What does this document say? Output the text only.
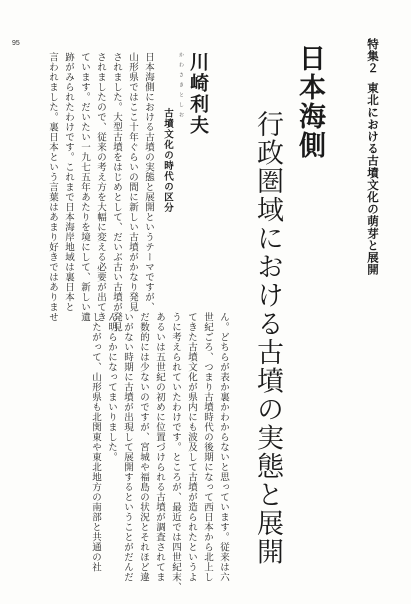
95	特集２
東北における古墳文化の萌芽と展開
日本海側
行政圏域における古墳の実態と展開
かわさきとしお 川崎利夫
古墳文化の時代の区分
日本海側における古墳の実態と展開というテーマですが、
山形県ではここ十年ぐらいの間に新しい古墳がかなり発見
されました。大型古墳をはじめとして、だいぶ古い古墳が発見
されましたので、従来の考え方を大幅に変える必要が出てき
ています。だいたい一九七五年あたりを境にして、新しい遺
跡がみられたわけです。これまで日本海岸地域は裏日本と
言われました。裏日本という言葉はあまり好きではありませ
ん。どちらが表か裏かわからないと思っています。従来は六
世紀ごろ、つまり古墳時代の後期になって西日本から北上し
てきた古墳文化が県内にも波及して古墳が造られたというよ
うに考えられていたわけです。ところが、最近では四世紀末、
あるいは五世紀の初めに位置づけられる古墳が調査されてま
だ数的には少ないのですが、宮城や福島の状況とそれほど違
いがない時期に古墳が出現して展開するということがだんだ
ん明らかになってまいりました。
したがって、山形県も北関東や東北地方の南部と共通の社
